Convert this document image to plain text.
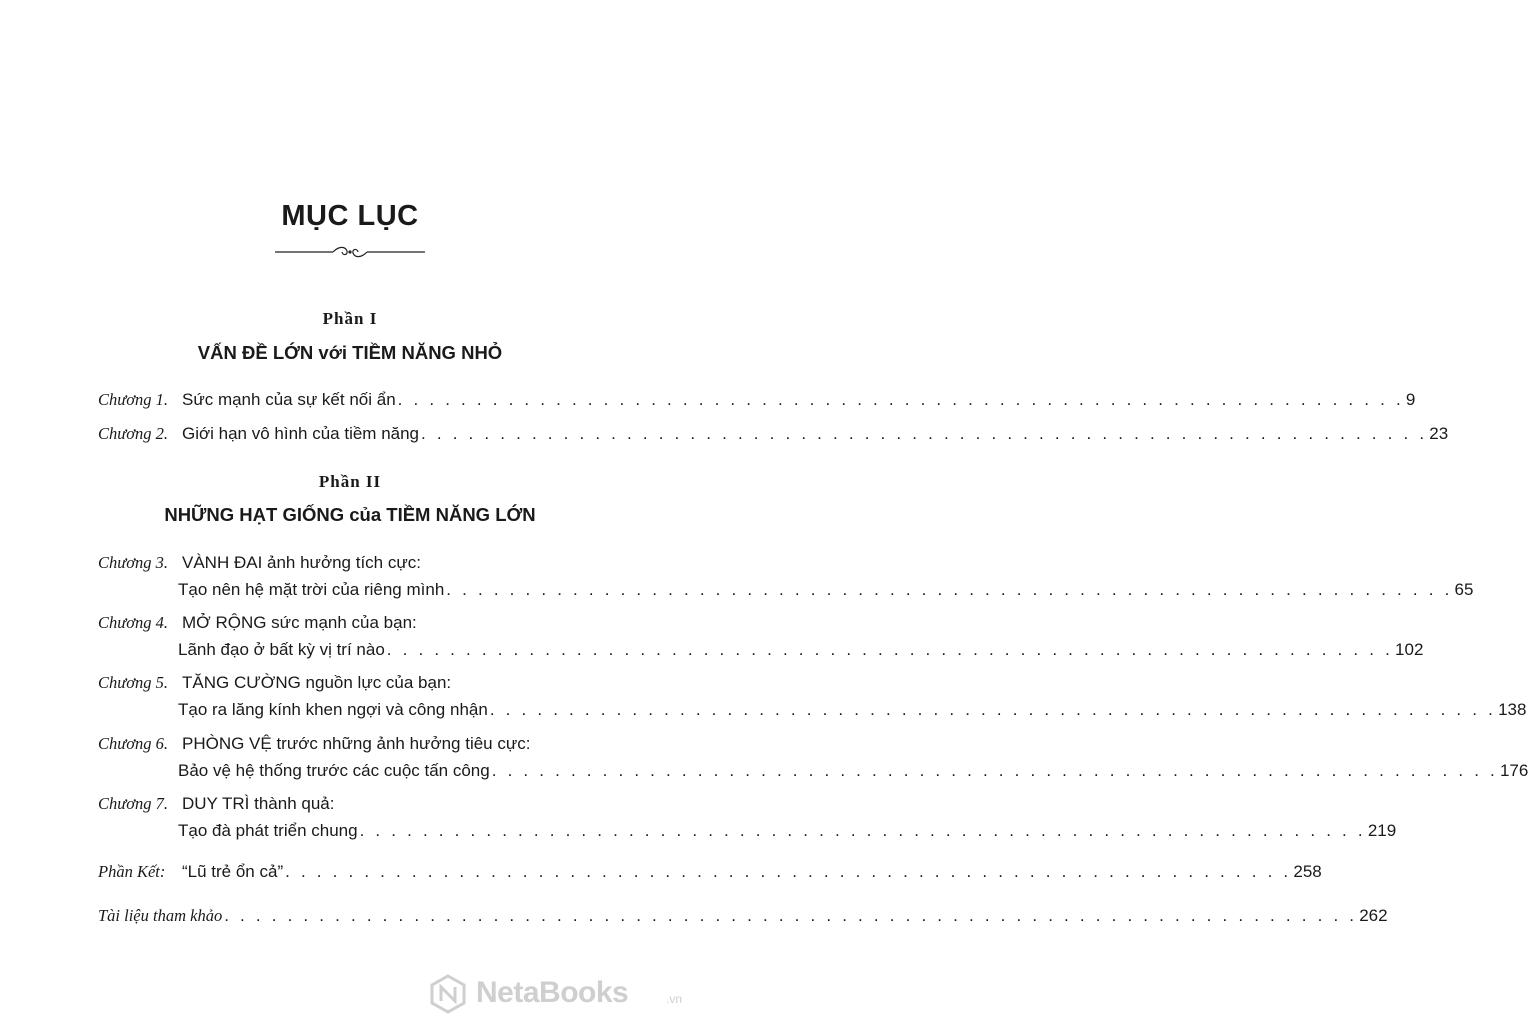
MỤC LỤC
Phần I
VẤN ĐỀ LỚN với TIỀM NĂNG NHỎ
Chương 1. Sức mạnh của sự kết nối ẩn . . . . . . . . . . . . . . . . . . . . . . . . . . . . . . . . . . . . . . . . . . . . . . . . . . . . . . . . . . . . . . . . 9
Chương 2. Giới hạn vô hình của tiềm năng . . . . . . . . . . . . . . . . . . . . . . . . . . . . . . . . . . . . . . . . . . . . . . . . . . . . . . . . . . . . . . . . 23
Phần II
NHỮNG HẠT GIỐNG của TIỀM NĂNG LỚN
Chương 3. VÀNH ĐAI ảnh hưởng tích cực:
Tạo nên hệ mặt trời của riêng mình . . . . . . . . . . . . . . . . . . . . . . . . . . . . . . . . . . . . . . . . . . . . . . . . . . . . . . . . . . . . . . . . 65
Chương 4. MỞ RỘNG sức mạnh của bạn:
Lãnh đạo ở bất kỳ vị trí nào . . . . . . . . . . . . . . . . . . . . . . . . . . . . . . . . . . . . . . . . . . . . . . . . . . . . . . . . . . . . . . . . 102
Chương 5. TĂNG CƯỜNG nguồn lực của bạn:
Tạo ra lăng kính khen ngợi và công nhận . . . . . . . . . . . . . . . . . . . . . . . . . . . . . . . . . . . . . . . . . . . . . . . . . . . . . . . . . . . . . . . . 138
Chương 6. PHÒNG VỆ trước những ảnh hưởng tiêu cực:
Bảo vệ hệ thống trước các cuộc tấn công . . . . . . . . . . . . . . . . . . . . . . . . . . . . . . . . . . . . . . . . . . . . . . . . . . . . . . . . . . . . . . . . 176
Chương 7. DUY TRÌ thành quả:
Tạo đà phát triển chung . . . . . . . . . . . . . . . . . . . . . . . . . . . . . . . . . . . . . . . . . . . . . . . . . . . . . . . . . . . . . . . . 219
Phần Kết: “Lũ trẻ ổn cả” . . . . . . . . . . . . . . . . . . . . . . . . . . . . . . . . . . . . . . . . . . . . . . . . . . . . . . . . . . . . . . . . 258
Tài liệu tham khảo . . . . . . . . . . . . . . . . . . . . . . . . . . . . . . . . . . . . . . . . . . . . . . . . . . . . . . . . . . . . . . . . . . . . . . . . 262
NetaBooks	.vn
